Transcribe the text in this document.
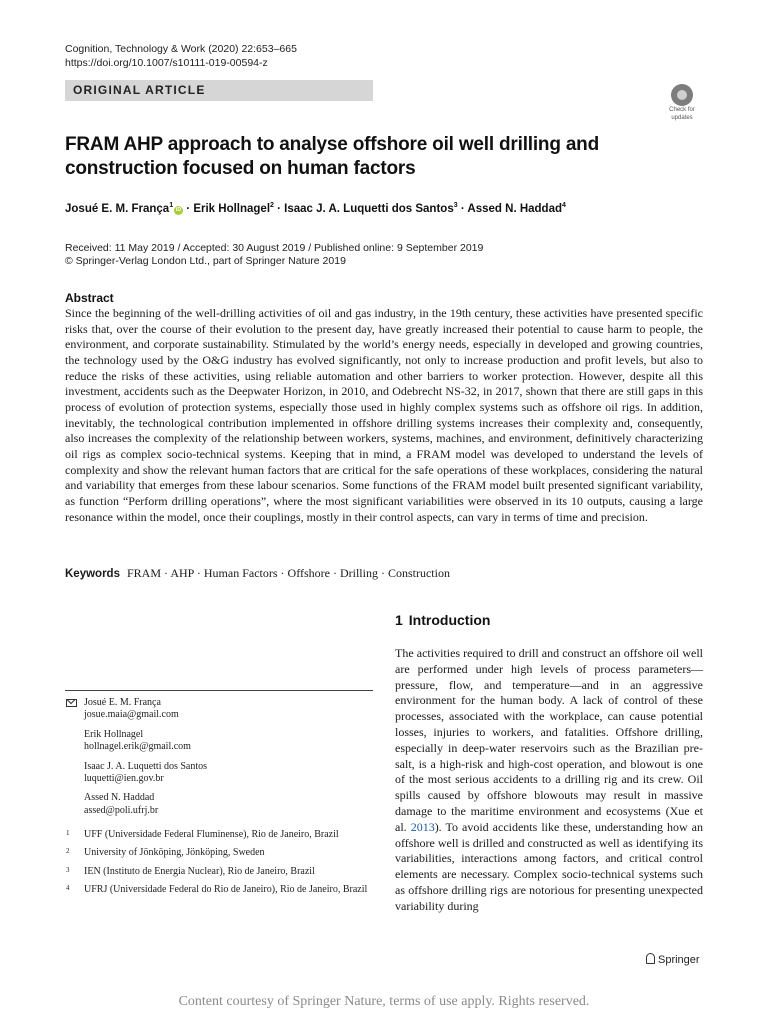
Cognition, Technology & Work (2020) 22:653–665
https://doi.org/10.1007/s10111-019-00594-z
ORIGINAL ARTICLE
Check for
updates
FRAM AHP approach to analyse offshore oil well drilling and construction focused on human factors
Josué E. M. França$^1$iD · Erik Hollnagel$^2$ · Isaac J. A. Luquetti dos Santos$^3$ · Assed N. Haddad$^4$
Received: 11 May 2019 / Accepted: 30 August 2019 / Published online: 9 September 2019
© Springer-Verlag London Ltd., part of Springer Nature 2019
Abstract
Since the beginning of the well-drilling activities of oil and gas industry, in the 19th century, these activities have presented specific risks that, over the course of their evolution to the present day, have greatly increased their potential to cause harm to people, the environment, and corporate sustainability. Stimulated by the world’s energy needs, especially in developed and growing countries, the technology used by the O&G industry has evolved significantly, not only to increase production and profit levels, but also to reduce the risks of these activities, using reliable automation and other barriers to worker protection. However, despite all this investment, accidents such as the Deepwater Horizon, in 2010, and Odebrecht NS-32, in 2017, shown that there are still gaps in this process of evolution of protection systems, especially those used in highly complex systems such as offshore oil rigs. In addition, inevitably, the technological contribution implemented in offshore drilling systems increases their complexity and, consequently, also increases the complexity of the relationship between workers, systems, machines, and environment, definitively characterizing oil rigs as complex socio-technical systems. Keeping that in mind, a FRAM model was developed to understand the levels of complexity and show the relevant human factors that are critical for the safe operations of these workplaces, considering the natural and variability that emerges from these labour scenarios. Some functions of the FRAM model built presented significant variability, as function “Perform drilling operations”, where the most significant variabilities were observed in its 10 outputs, causing a large resonance within the model, once their couplings, mostly in their control aspects, can vary in terms of time and precision.
Keywords FRAM · AHP · Human Factors · Offshore · Drilling · Construction
1 Introduction
The activities required to drill and construct an offshore oil well are performed under high levels of process parameters—pressure, flow, and temperature—and in an aggressive environment for the human body. A lack of control of these processes, associated with the workplace, can cause potential losses, injuries to workers, and fatalities. Offshore drilling, especially in deep-water reservoirs such as the Brazilian pre-salt, is a high-risk and high-cost operation, and blowout is one of the most serious accidents to a drilling rig and its crew. Oil spills caused by offshore blowouts may result in massive damage to the maritime environment and ecosystems (Xue et al. 2013). To avoid accidents like these, understanding how an offshore well is drilled and constructed as well as identifying its variabilities, interactions among factors, and critical control elements are necessary. Complex socio-technical systems such as offshore drilling rigs are notorious for presenting unexpected variability during
Josué E. M. França
josue.maia@gmail.com
Erik Hollnagel
hollnagel.erik@gmail.com
Isaac J. A. Luquetti dos Santos
luquetti@ien.gov.br
Assed N. Haddad
assed@poli.ufrj.br
1 UFF (Universidade Federal Fluminense), Rio de Janeiro, Brazil
2 University of Jönköping, Jönköping, Sweden
3 IEN (Instituto de Energia Nuclear), Rio de Janeiro, Brazil
4 UFRJ (Universidade Federal do Rio de Janeiro), Rio de Janeiro, Brazil
Springer
Content courtesy of Springer Nature, terms of use apply. Rights reserved.
